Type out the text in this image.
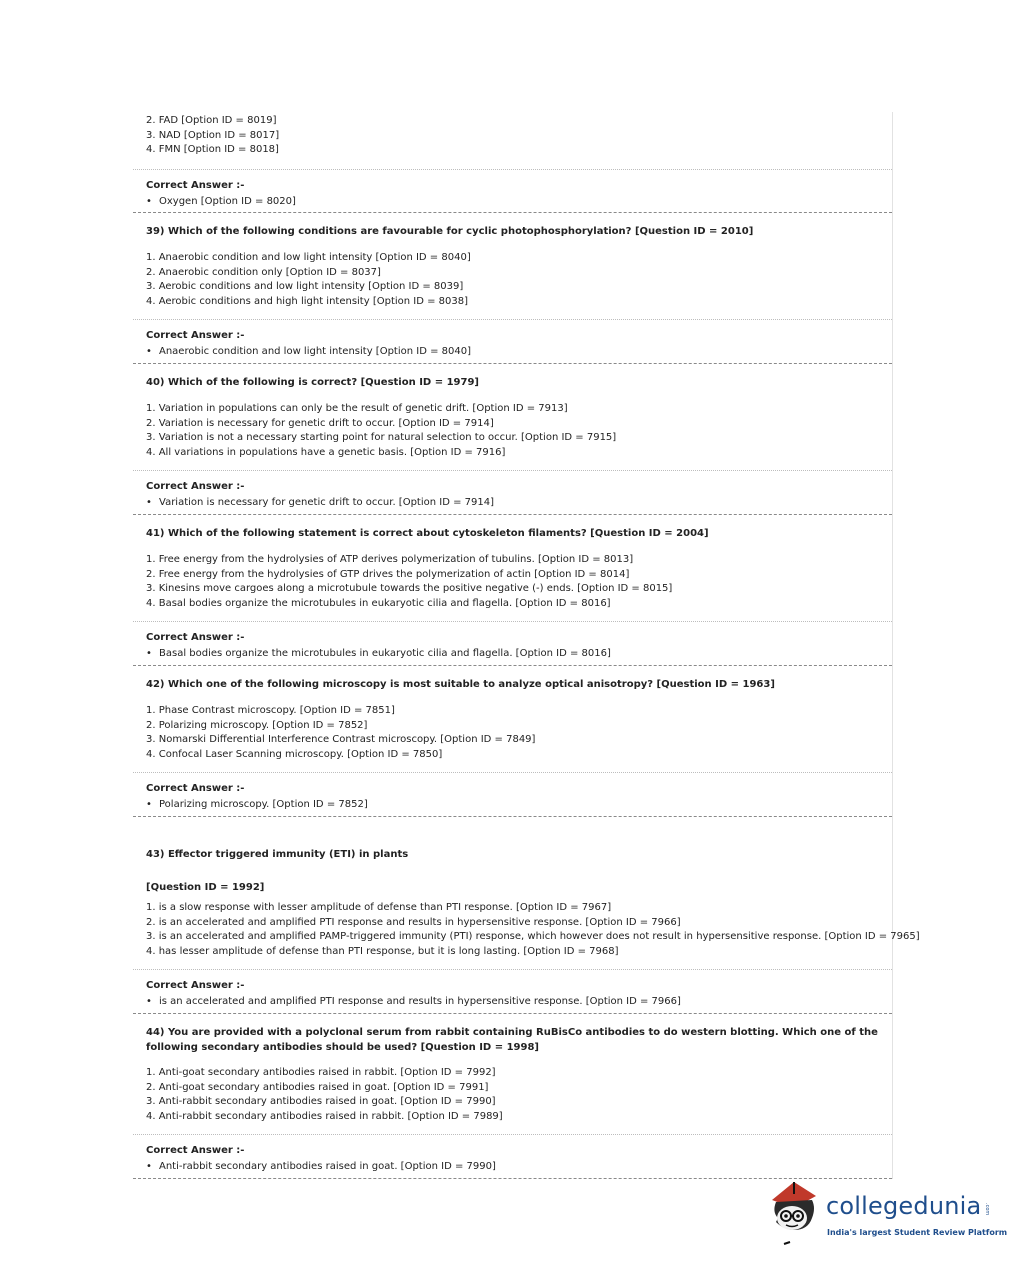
2. FAD [Option ID = 8019]
3. NAD [Option ID = 8017]
4. FMN [Option ID = 8018]
Correct Answer :-
• Oxygen [Option ID = 8020]
39) Which of the following conditions are favourable for cyclic photophosphorylation? [Question ID = 2010]
1. Anaerobic condition and low light intensity [Option ID = 8040]
2. Anaerobic condition only [Option ID = 8037]
3. Aerobic conditions and low light intensity [Option ID = 8039]
4. Aerobic conditions and high light intensity [Option ID = 8038]
Correct Answer :-
• Anaerobic condition and low light intensity [Option ID = 8040]
40) Which of the following is correct? [Question ID = 1979]
1. Variation in populations can only be the result of genetic drift. [Option ID = 7913]
2. Variation is necessary for genetic drift to occur. [Option ID = 7914]
3. Variation is not a necessary starting point for natural selection to occur. [Option ID = 7915]
4. All variations in populations have a genetic basis. [Option ID = 7916]
Correct Answer :-
• Variation is necessary for genetic drift to occur. [Option ID = 7914]
41) Which of the following statement is correct about cytoskeleton filaments? [Question ID = 2004]
1. Free energy from the hydrolysies of ATP derives polymerization of tubulins. [Option ID = 8013]
2. Free energy from the hydrolysies of GTP drives the polymerization of actin [Option ID = 8014]
3. Kinesins move cargoes along a microtubule towards the positive negative (-) ends. [Option ID = 8015]
4. Basal bodies organize the microtubules in eukaryotic cilia and flagella. [Option ID = 8016]
Correct Answer :-
• Basal bodies organize the microtubules in eukaryotic cilia and flagella. [Option ID = 8016]
42) Which one of the following microscopy is most suitable to analyze optical anisotropy? [Question ID = 1963]
1. Phase Contrast microscopy. [Option ID = 7851]
2. Polarizing microscopy. [Option ID = 7852]
3. Nomarski Differential Interference Contrast microscopy. [Option ID = 7849]
4. Confocal Laser Scanning microscopy. [Option ID = 7850]
Correct Answer :-
• Polarizing microscopy. [Option ID = 7852]
43) Effector triggered immunity (ETI) in plants
[Question ID = 1992]
1. is a slow response with lesser amplitude of defense than PTI response. [Option ID = 7967]
2. is an accelerated and amplified PTI response and results in hypersensitive response. [Option ID = 7966]
3. is an accelerated and amplified PAMP-triggered immunity (PTI) response, which however does not result in hypersensitive response. [Option ID = 7965]
4. has lesser amplitude of defense than PTI response, but it is long lasting. [Option ID = 7968]
Correct Answer :-
• is an accelerated and amplified PTI response and results in hypersensitive response. [Option ID = 7966]
44) You are provided with a polyclonal serum from rabbit containing RuBisCo antibodies to do western blotting. Which one of the
following secondary antibodies should be used? [Question ID = 1998]
1. Anti-goat secondary antibodies raised in rabbit. [Option ID = 7992]
2. Anti-goat secondary antibodies raised in goat. [Option ID = 7991]
3. Anti-rabbit secondary antibodies raised in goat. [Option ID = 7990]
4. Anti-rabbit secondary antibodies raised in rabbit. [Option ID = 7989]
Correct Answer :-
• Anti-rabbit secondary antibodies raised in goat. [Option ID = 7990]
collegedunia .com
India's largest Student Review Platform
